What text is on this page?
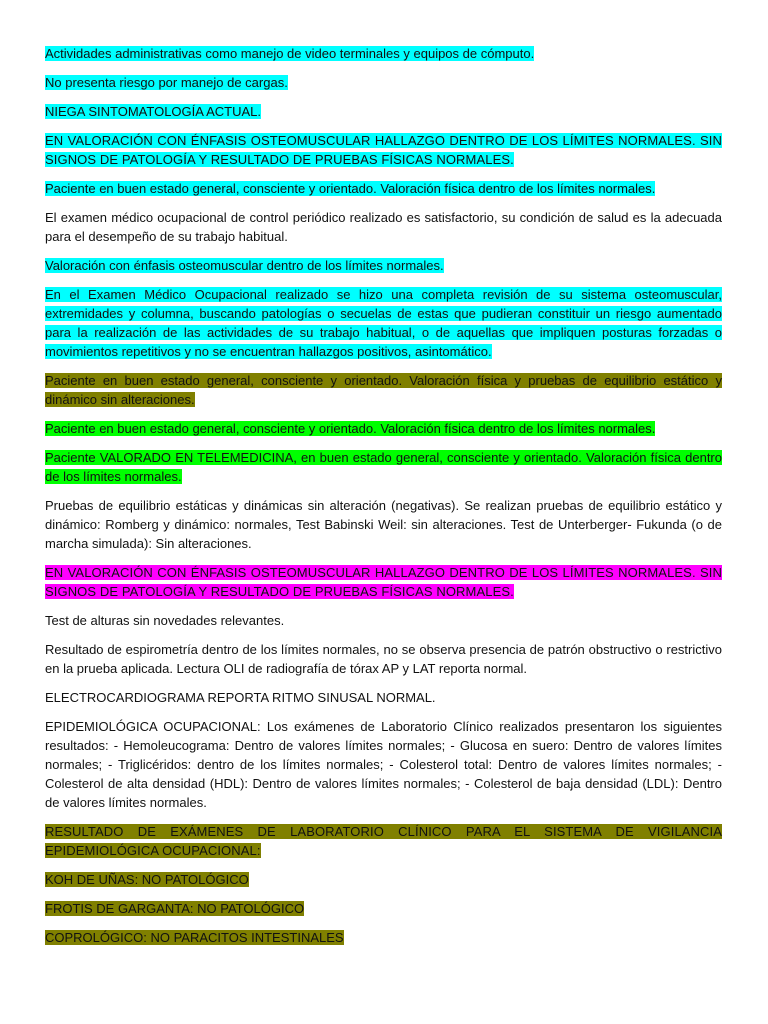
Actividades administrativas como manejo de video terminales y equipos de cómputo.

No presenta riesgo por manejo de cargas.

NIEGA SINTOMATOLOGÍA ACTUAL.

EN VALORACIÓN CON ÉNFASIS OSTEOMUSCULAR HALLAZGO DENTRO DE LOS LÍMITES NORMALES. SIN SIGNOS DE PATOLOGÍA Y RESULTADO DE PRUEBAS FÍSICAS NORMALES.

Paciente en buen estado general, consciente y orientado. Valoración física dentro de los límites normales.

El examen médico ocupacional de control periódico realizado es satisfactorio, su condición de salud es la adecuada para el desempeño de su trabajo habitual.

Valoración con énfasis osteomuscular dentro de los límites normales.

En el Examen Médico Ocupacional realizado se hizo una completa revisión de su sistema osteomuscular, extremidades y columna, buscando patologías o secuelas de estas que pudieran constituir un riesgo aumentado para la realización de las actividades de su trabajo habitual, o de aquellas que impliquen posturas forzadas o movimientos repetitivos y no se encuentran hallazgos positivos, asintomático.

Paciente en buen estado general, consciente y orientado. Valoración física y pruebas de equilibrio estático y dinámico sin alteraciones.

Paciente en buen estado general, consciente y orientado. Valoración física dentro de los límites normales.

Paciente VALORADO EN TELEMEDICINA, en buen estado general, consciente y orientado. Valoración física dentro de los límites normales.

Pruebas de equilibrio estáticas y dinámicas sin alteración (negativas). Se realizan pruebas de equilibrio estático y dinámico: Romberg y dinámico: normales, Test Babinski Weil: sin alteraciones. Test de Unterberger- Fukunda (o de marcha simulada): Sin alteraciones.

EN VALORACIÓN CON ÉNFASIS OSTEOMUSCULAR HALLAZGO DENTRO DE LOS LÍMITES NORMALES. SIN SIGNOS DE PATOLOGÍA Y RESULTADO DE PRUEBAS FÍSICAS NORMALES.

Test de alturas sin novedades relevantes.

Resultado de espirometría dentro de los límites normales, no se observa presencia de patrón obstructivo o restrictivo en la prueba aplicada. Lectura OLI de radiografía de tórax AP y LAT reporta normal.

ELECTROCARDIOGRAMA REPORTA RITMO SINUSAL NORMAL.

EPIDEMIOLÓGICA OCUPACIONAL: Los exámenes de Laboratorio Clínico realizados presentaron los siguientes resultados: - Hemoleucograma: Dentro de valores límites normales; - Glucosa en suero: Dentro de valores límites normales; - Triglicéridos: dentro de los límites normales; - Colesterol total: Dentro de valores límites normales; - Colesterol de alta densidad (HDL): Dentro de valores límites normales; - Colesterol de baja densidad (LDL): Dentro de valores límites normales.

RESULTADO DE EXÁMENES DE LABORATORIO CLÍNICO PARA EL SISTEMA DE VIGILANCIA EPIDEMIOLÓGICA OCUPACIONAL:

KOH DE UÑAS: NO PATOLÓGICO

FROTIS DE GARGANTA: NO PATOLÓGICO

COPROLÓGICO: NO PARACITOS INTESTINALES
